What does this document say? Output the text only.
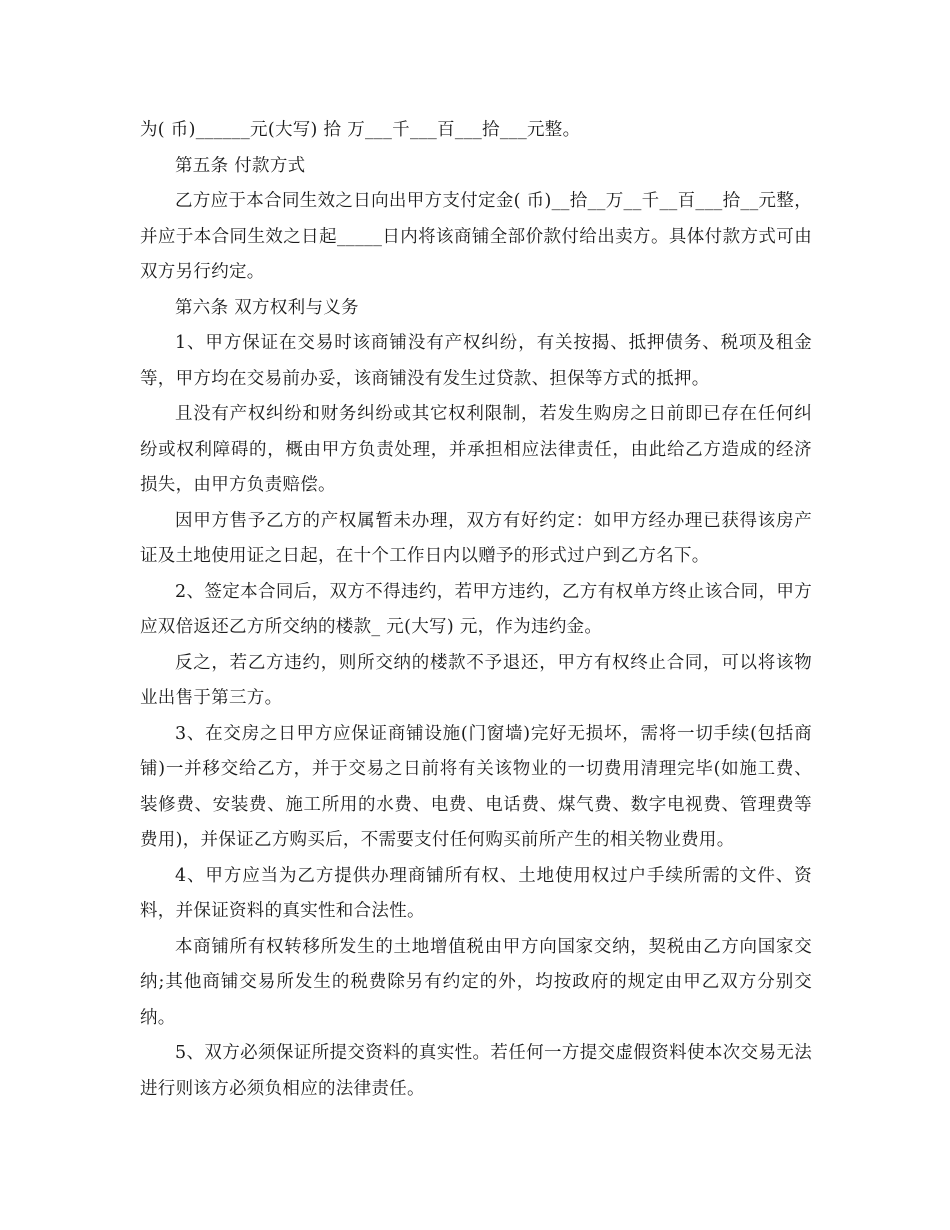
为( 币)______元(大写) 拾 万___千___百___拾___元整。

第五条 付款方式

乙方应于本合同生效之日向出甲方支付定金( 币)__拾__万__千__百___拾__元整，并应于本合同生效之日起_____日内将该商铺全部价款付给出卖方。具体付款方式可由双方另行约定。

第六条 双方权利与义务

1、甲方保证在交易时该商铺没有产权纠纷，有关按揭、抵押债务、税项及租金等，甲方均在交易前办妥，该商铺没有发生过贷款、担保等方式的抵押。

且没有产权纠纷和财务纠纷或其它权利限制，若发生购房之日前即已存在任何纠纷或权利障碍的，概由甲方负责处理，并承担相应法律责任，由此给乙方造成的经济损失，由甲方负责赔偿。

因甲方售予乙方的产权属暂未办理，双方有好约定：如甲方经办理已获得该房产证及土地使用证之日起，在十个工作日内以赠予的形式过户到乙方名下。

2、签定本合同后，双方不得违约，若甲方违约，乙方有权单方终止该合同，甲方应双倍返还乙方所交纳的楼款_ 元(大写) 元，作为违约金。

反之，若乙方违约，则所交纳的楼款不予退还，甲方有权终止合同，可以将该物业出售于第三方。

3、在交房之日甲方应保证商铺设施(门窗墙)完好无损坏，需将一切手续(包括商铺)一并移交给乙方，并于交易之日前将有关该物业的一切费用清理完毕(如施工费、装修费、安装费、施工所用的水费、电费、电话费、煤气费、数字电视费、管理费等费用)，并保证乙方购买后，不需要支付任何购买前所产生的相关物业费用。

4、甲方应当为乙方提供办理商铺所有权、土地使用权过户手续所需的文件、资料，并保证资料的真实性和合法性。

本商铺所有权转移所发生的土地增值税由甲方向国家交纳，契税由乙方向国家交纳;其他商铺交易所发生的税费除另有约定的外，均按政府的规定由甲乙双方分别交纳。

5、双方必须保证所提交资料的真实性。若任何一方提交虚假资料使本次交易无法进行则该方必须负相应的法律责任。
